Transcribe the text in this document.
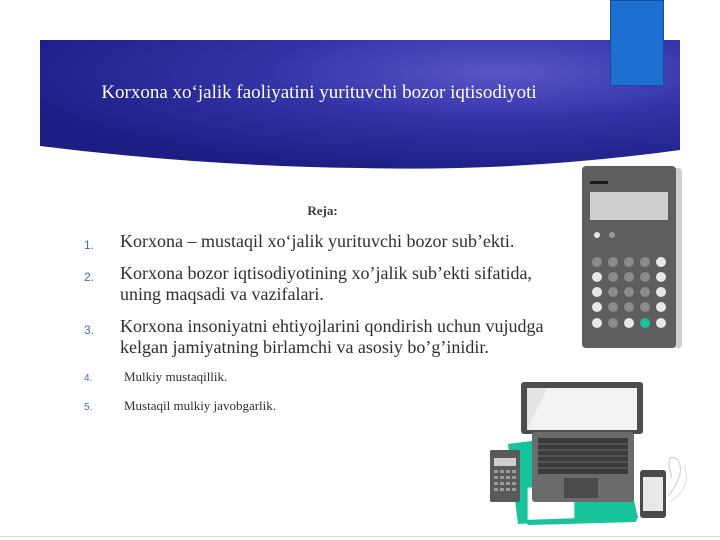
Korxona xo‘jalik faoliyatini yurituvchi bozor iqtisodiyoti
Reja:
1. Korxona – mustaqil xo‘jalik yurituvchi bozor sub’ekti.
2. Korxona bozor iqtisodiyotining xo’jalik sub’ekti sifatida, uning maqsadi va vazifalari.
3. Korxona insoniyatni ehtiyojlarini qondirish uchun vujudga kelgan jamiyatning birlamchi va asosiy bo’g’inidir.
4. Mulkiy mustaqillik.
5. Mustaqil mulkiy javobgarlik.
